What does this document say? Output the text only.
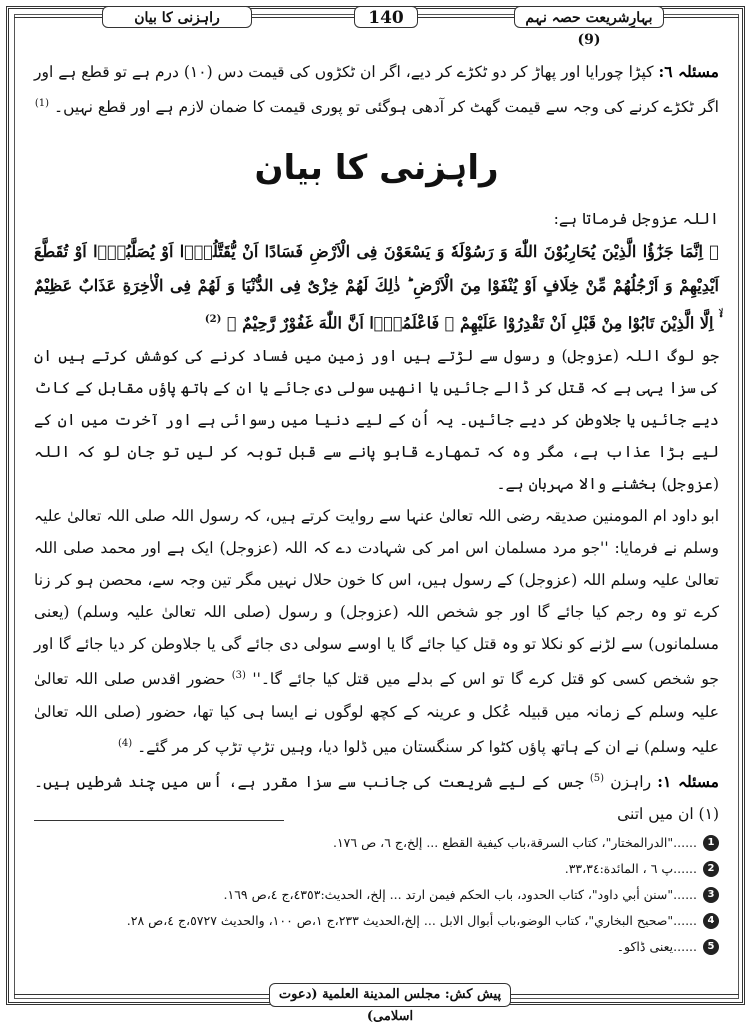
راہزنی کا بیان	140	بہارِشریعت حصہ نہم (9)

مسئلہ ٦: کپڑا چورایا اور پھاڑ کر دو ٹکڑے کر دیے، اگر ان ٹکڑوں کی قیمت دس (١٠) درم ہے تو قطع ہے اور اگر ٹکڑے کرنے کی وجہ سے قیمت گھٹ کر آدھی ہوگئی تو پوری قیمت کا ضمان لازم ہے اور قطع نہیں۔ $^{(1)}$

راہزنی کا بیان

اللہ عزوجل فرماتا ہے:

﴿ اِنَّمَا جَزٰٓؤُا الَّذِیْنَ یُحَارِبُوْنَ اللّٰهَ وَ رَسُوْلَهٗ وَ یَسْعَوْنَ فِی الْاَرْضِ فَسَادًا اَنْ یُّقَتَّلُوْۤا اَوْ یُصَلَّبُوْۤا اَوْ تُقَطَّعَ اَیْدِیْهِمْ وَ اَرْجُلُهُمْ مِّنْ خِلَافٍ اَوْ یُنْفَوْا مِنَ الْاَرْضِ ؕ ذٰلِكَ لَهُمْ خِزْیٌ فِی الدُّنْیَا وَ لَهُمْ فِی الْاٰخِرَةِ عَذَابٌ عَظِیْمٌ ۟ۙ اِلَّا الَّذِیْنَ تَابُوْا مِنْ قَبْلِ اَنْ تَقْدِرُوْا عَلَیْهِمْ ۚ فَاعْلَمُوْۤا اَنَّ اللّٰهَ غَفُوْرٌ رَّحِیْمٌ ﴾ $^{(2)}$

جو لوگ اللہ (عزوجل) و رسول سے لڑتے ہیں اور زمین میں فساد کرنے کی کوشش کرتے ہیں ان کی سزا یہی ہے کہ قتل کر ڈالے جائیں یا انھیں سولی دی جائے یا ان کے ہاتھ پاؤں مقابل کے کاٹ دیے جائیں یا جلاوطن کر دیے جائیں۔ یہ اُن کے لیے دنیا میں رسوائی ہے اور آخرت میں ان کے لیے بڑا عذاب ہے، مگر وہ کہ تمھارے قابو پانے سے قبل توبہ کر لیں تو جان لو کہ اللہ (عزوجل) بخشنے والا مہربان ہے۔

ابو داود ام المومنین صدیقہ رضی اللہ تعالیٰ عنہا سے روایت کرتے ہیں، کہ رسول اللہ صلی اللہ تعالیٰ علیہ وسلم نے فرمایا: ''جو مرد مسلمان اس امر کی شہادت دے کہ اللہ (عزوجل) ایک ہے اور محمد صلی اللہ تعالیٰ علیہ وسلم اللہ (عزوجل) کے رسول ہیں، اس کا خون حلال نہیں مگر تین وجہ سے، محصن ہو کر زنا کرے تو وہ رجم کیا جائے گا اور جو شخص اللہ (عزوجل) و رسول (صلی اللہ تعالیٰ علیہ وسلم) (یعنی مسلمانوں) سے لڑنے کو نکلا تو وہ قتل کیا جائے گا یا اوسے سولی دی جائے گی یا جلاوطن کر دیا جائے گا اور جو شخص کسی کو قتل کرے گا تو اس کے بدلے میں قتل کیا جائے گا۔'' $^{(3)}$ حضور اقدس صلی اللہ تعالیٰ علیہ وسلم کے زمانہ میں قبیلہ عُکل و عرینہ کے کچھ لوگوں نے ایسا ہی کیا تھا، حضور (صلی اللہ تعالیٰ علیہ وسلم) نے ان کے ہاتھ پاؤں کٹوا کر سنگستان میں ڈلوا دیا، وہیں تڑپ تڑپ کر مر گئے۔ $^{(4)}$

مسئلہ ١: راہزن $^{(5)}$ جس کے لیے شریعت کی جانب سے سزا مقرر ہے، اُس میں چند شرطیں ہیں۔ (١) ان میں اتنی

1
......"الدرالمختار"، کتاب السرقة،باب کیفیة القطع ... إلخ،ج ٦، ص ١٧٦.
2
......پ ٦ ، المائدة:٣٣،٣٤.
3
......"سنن أبي داود"، کتاب الحدود، باب الحکم فیمن ارتد ... إلخ، الحدیث:٤٣٥٣،ج ٤،ص ١٦٩.
4
......"صحیح البخاري"، کتاب الوضو،باب أبوال الابل ... إلخ،الحدیث ٢٣٣،ج ١،ص ١٠٠، والحدیث ٥٧٢٧،ج ٤،ص ٢٨.
5
......یعنی ڈاکو۔
پیش کش: مجلس المدینة العلمیة (دعوت اسلامی)
